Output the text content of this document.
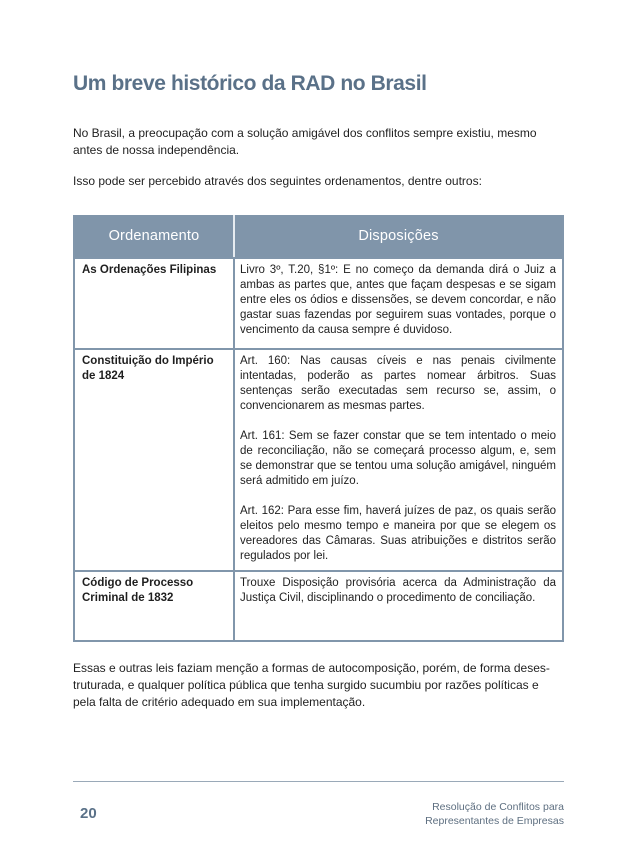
Um breve histórico da RAD no Brasil

No Brasil, a preocupação com a solução amigável dos conflitos sempre existiu, mesmo antes de nossa independência.

Isso pode ser percebido através dos seguintes ordenamentos, dentre outros:

Ordenamento	Disposições
As Ordenações Filipinas	Livro 3º, T.20, §1º: E no começo da demanda dirá o Juiz a ambas as partes que, antes que façam despesas e se sigam entre eles os ódios e dissensões, se devem concordar, e não gastar suas fazendas por seguirem suas vontades, porque o vencimento da causa sempre é duvidoso.

Constituição do Império de 1824	Art. 160: Nas causas cíveis e nas penais civilmente intentadas, poderão as partes nomear árbitros. Suas sentenças serão executadas sem recurso se, assim, o convencionarem as mesmas partes.

Art. 161: Sem se fazer constar que se tem intentado o meio de reconciliação, não se começará processo algum, e, sem se demonstrar que se tentou uma solução amigável, ninguém será admitido em juízo.

Art. 162: Para esse fim, haverá juízes de paz, os quais serão eleitos pelo mesmo tempo e maneira por que se elegem os vereadores das Câmaras. Suas atribuições e distritos serão regulados por lei.

Código de Processo Criminal de 1832	Trouxe Disposição provisória acerca da Administração da Justiça Civil, disciplinando o procedimento de conciliação.

Essas e outras leis faziam menção a formas de autocomposição, porém, de forma deses-truturada, e qualquer política pública que tenha surgido sucumbiu por razões políticas e pela falta de critério adequado em sua implementação.

20	Resolução de Conflitos para
Representantes de Empresas
